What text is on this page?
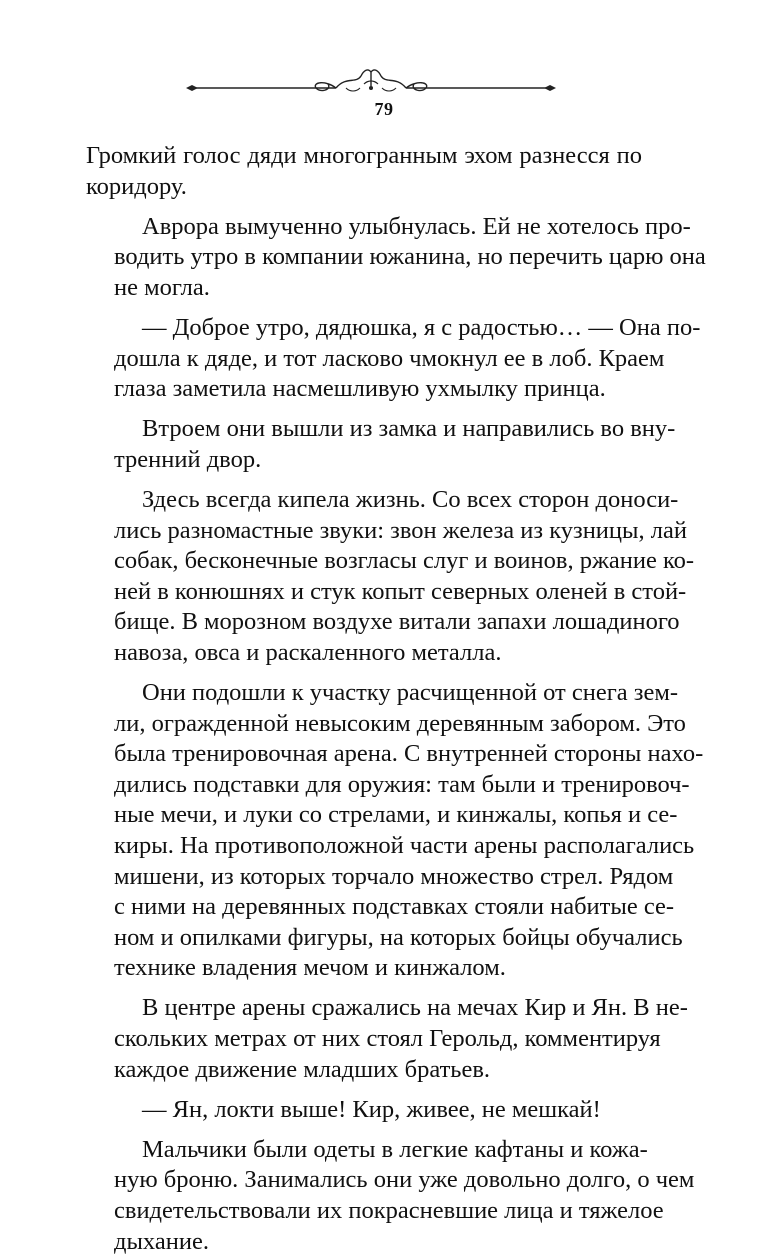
79
Громкий голос дяди многогранным эхом разнесся по
коридору.
Аврора вымученно улыбнулась. Ей не хотелось про-
водить утро в компании южанина, но перечить царю она
не могла.
— Доброе утро, дядюшка, я с радостью… — Она по-
дошла к дяде, и тот ласково чмокнул ее в лоб. Краем
глаза заметила насмешливую ухмылку принца.
Втроем они вышли из замка и направились во вну-
тренний двор.
Здесь всегда кипела жизнь. Со всех сторон доноси-
лись разномастные звуки: звон железа из кузницы, лай
собак, бесконечные возгласы слуг и воинов, ржание ко-
ней в конюшнях и стук копыт северных оленей в стой-
бище. В морозном воздухе витали запахи лошадиного
навоза, овса и раскаленного металла.
Они подошли к участку расчищенной от снега зем-
ли, огражденной невысоким деревянным забором. Это
была тренировочная арена. С внутренней стороны нахо-
дились подставки для оружия: там были и тренировоч-
ные мечи, и луки со стрелами, и кинжалы, копья и се-
киры. На противоположной части арены располагались
мишени, из которых торчало множество стрел. Рядом
с ними на деревянных подставках стояли набитые се-
ном и опилками фигуры, на которых бойцы обучались
технике владения мечом и кинжалом.
В центре арены сражались на мечах Кир и Ян. В не-
скольких метрах от них стоял Герольд, комментируя
каждое движение младших братьев.
— Ян, локти выше! Кир, живее, не мешкай!
Мальчики были одеты в легкие кафтаны и кожа-
ную броню. Занимались они уже довольно долго, о чем
свидетельствовали их покрасневшие лица и тяжелое
дыхание.
